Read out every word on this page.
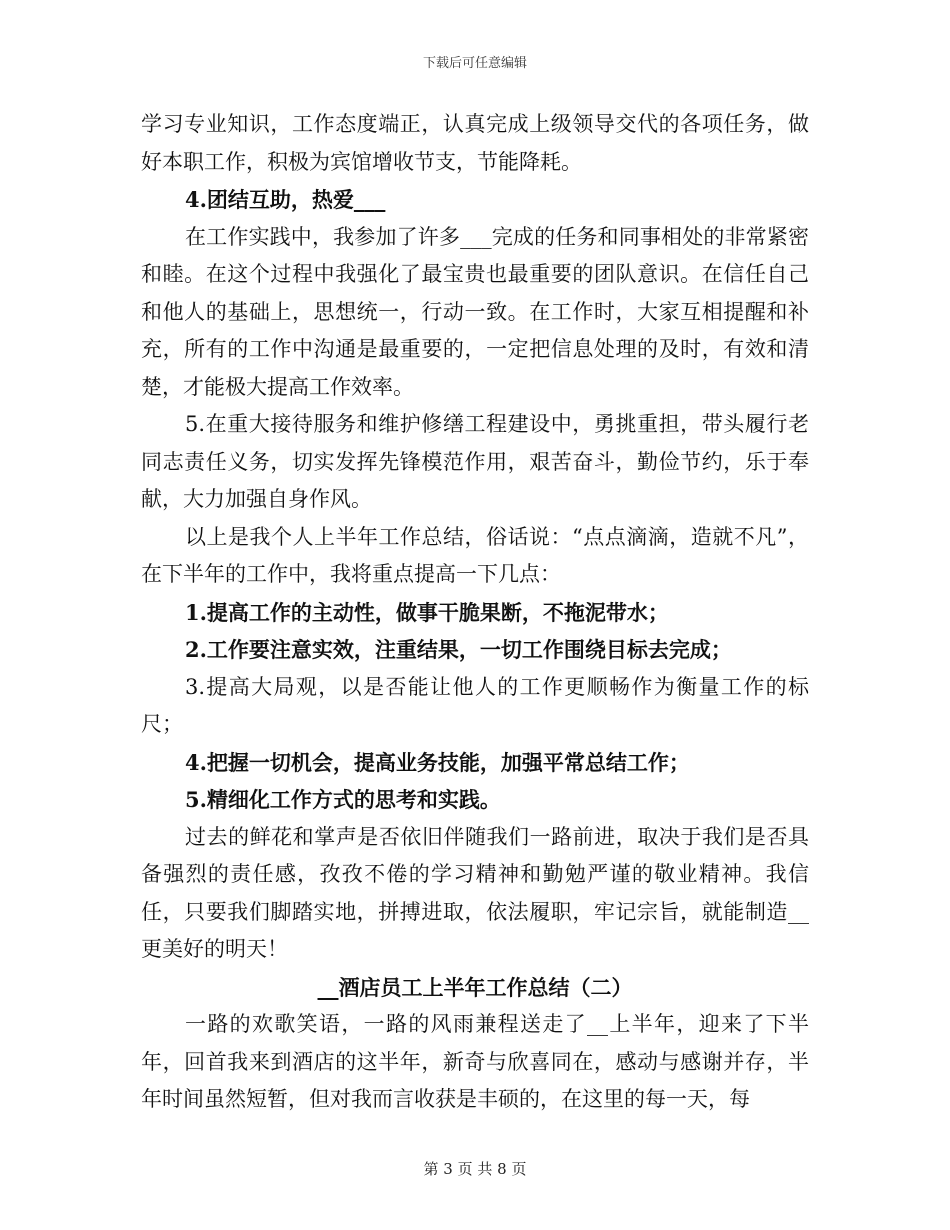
下载后可任意编辑

学习专业知识，工作态度端正，认真完成上级领导交代的各项任务，做好本职工作，积极为宾馆增收节支，节能降耗。

4.团结互助，热爱___

在工作实践中，我参加了许多___完成的任务和同事相处的非常紧密和睦。在这个过程中我强化了最宝贵也最重要的团队意识。在信任自己和他人的基础上，思想统一，行动一致。在工作时，大家互相提醒和补充，所有的工作中沟通是最重要的，一定把信息处理的及时，有效和清楚，才能极大提高工作效率。

5.在重大接待服务和维护修缮工程建设中，勇挑重担，带头履行老同志责任义务，切实发挥先锋模范作用，艰苦奋斗，勤俭节约，乐于奉献，大力加强自身作风。

以上是我个人上半年工作总结，俗话说：“点点滴滴，造就不凡”，在下半年的工作中，我将重点提高一下几点：

1.提高工作的主动性，做事干脆果断，不拖泥带水；

2.工作要注意实效，注重结果，一切工作围绕目标去完成；

3.提高大局观，以是否能让他人的工作更顺畅作为衡量工作的标尺；

4.把握一切机会，提高业务技能，加强平常总结工作；

5.精细化工作方式的思考和实践。

过去的鲜花和掌声是否依旧伴随我们一路前进，取决于我们是否具备强烈的责任感，孜孜不倦的学习精神和勤勉严谨的敬业精神。我信任，只要我们脚踏实地，拼搏进取，依法履职，牢记宗旨，就能制造__更美好的明天！

__酒店员工上半年工作总结（二）

一路的欢歌笑语，一路的风雨兼程送走了__上半年，迎来了下半年，回首我来到酒店的这半年，新奇与欣喜同在，感动与感谢并存，半年时间虽然短暂，但对我而言收获是丰硕的，在这里的每一天，每

第 3 页 共 8 页
